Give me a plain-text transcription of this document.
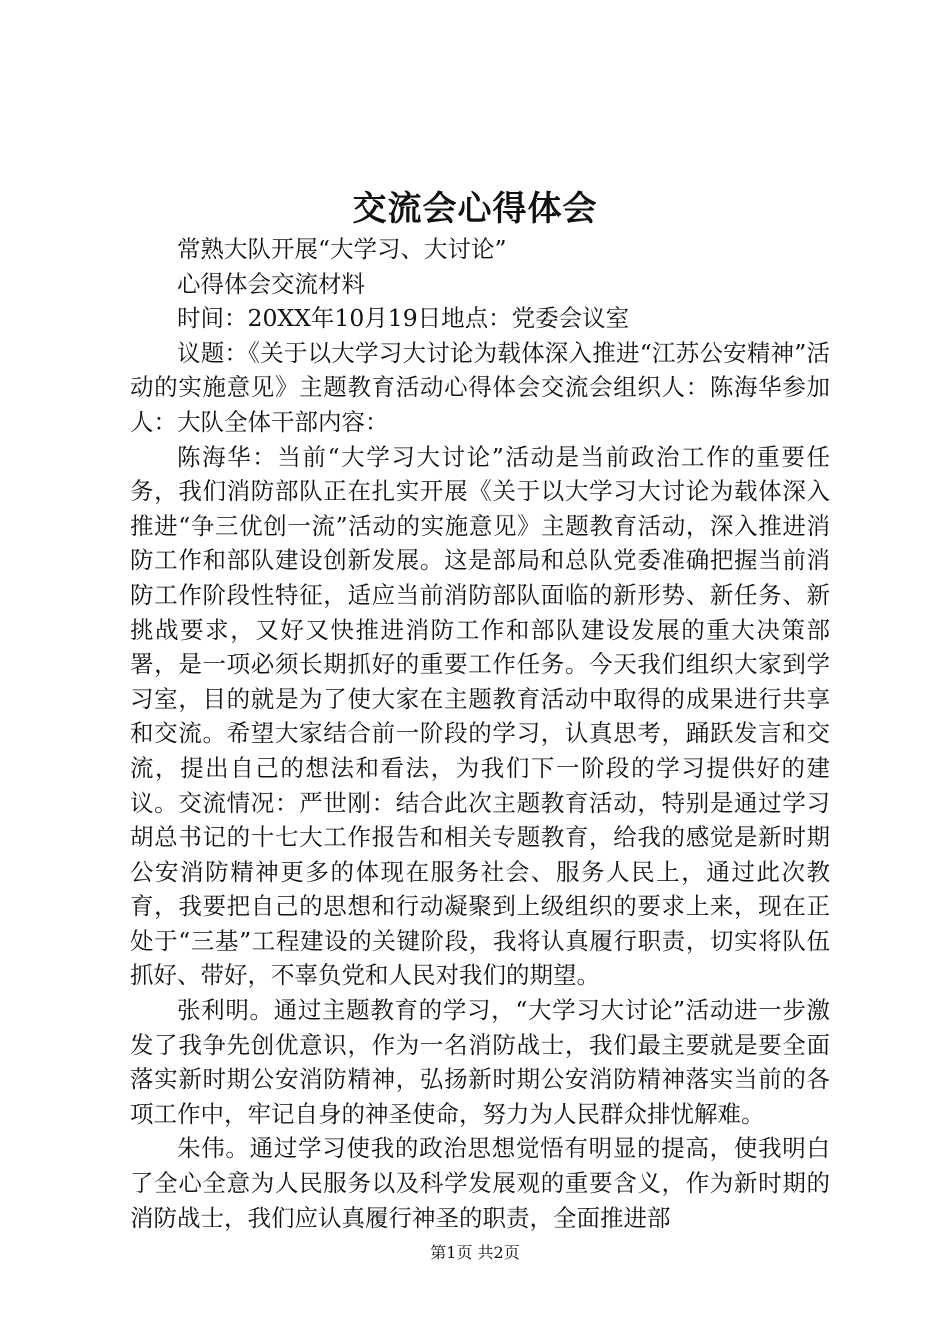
交流会心得体会

常熟大队开展“大学习、大讨论”

心得体会交流材料

时间：20XX年10月19日地点：党委会议室

议题：《关于以大学习大讨论为载体深入推进“江苏公安精神”活动的实施意见》主题教育活动心得体会交流会组织人：陈海华参加人：大队全体干部内容：

陈海华：当前“大学习大讨论”活动是当前政治工作的重要任务，我们消防部队正在扎实开展《关于以大学习大讨论为载体深入推进“争三优创一流”活动的实施意见》主题教育活动，深入推进消防工作和部队建设创新发展。这是部局和总队党委准确把握当前消防工作阶段性特征，适应当前消防部队面临的新形势、新任务、新挑战要求，又好又快推进消防工作和部队建设发展的重大决策部署，是一项必须长期抓好的重要工作任务。今天我们组织大家到学习室，目的就是为了使大家在主题教育活动中取得的成果进行共享和交流。希望大家结合前一阶段的学习，认真思考，踊跃发言和交流，提出自己的想法和看法，为我们下一阶段的学习提供好的建议。交流情况：严世刚：结合此次主题教育活动，特别是通过学习胡总书记的十七大工作报告和相关专题教育，给我的感觉是新时期公安消防精神更多的体现在服务社会、服务人民上，通过此次教育，我要把自己的思想和行动凝聚到上级组织的要求上来，现在正处于“三基”工程建设的关键阶段，我将认真履行职责，切实将队伍抓好、带好，不辜负党和人民对我们的期望。

张利明。通过主题教育的学习，“大学习大讨论”活动进一步激发了我争先创优意识，作为一名消防战士，我们最主要就是要全面落实新时期公安消防精神，弘扬新时期公安消防精神落实当前的各项工作中，牢记自身的神圣使命，努力为人民群众排忧解难。

朱伟。通过学习使我的政治思想觉悟有明显的提高，使我明白了全心全意为人民服务以及科学发展观的重要含义，作为新时期的消防战士，我们应认真履行神圣的职责，全面推进部

第1页 共2页
